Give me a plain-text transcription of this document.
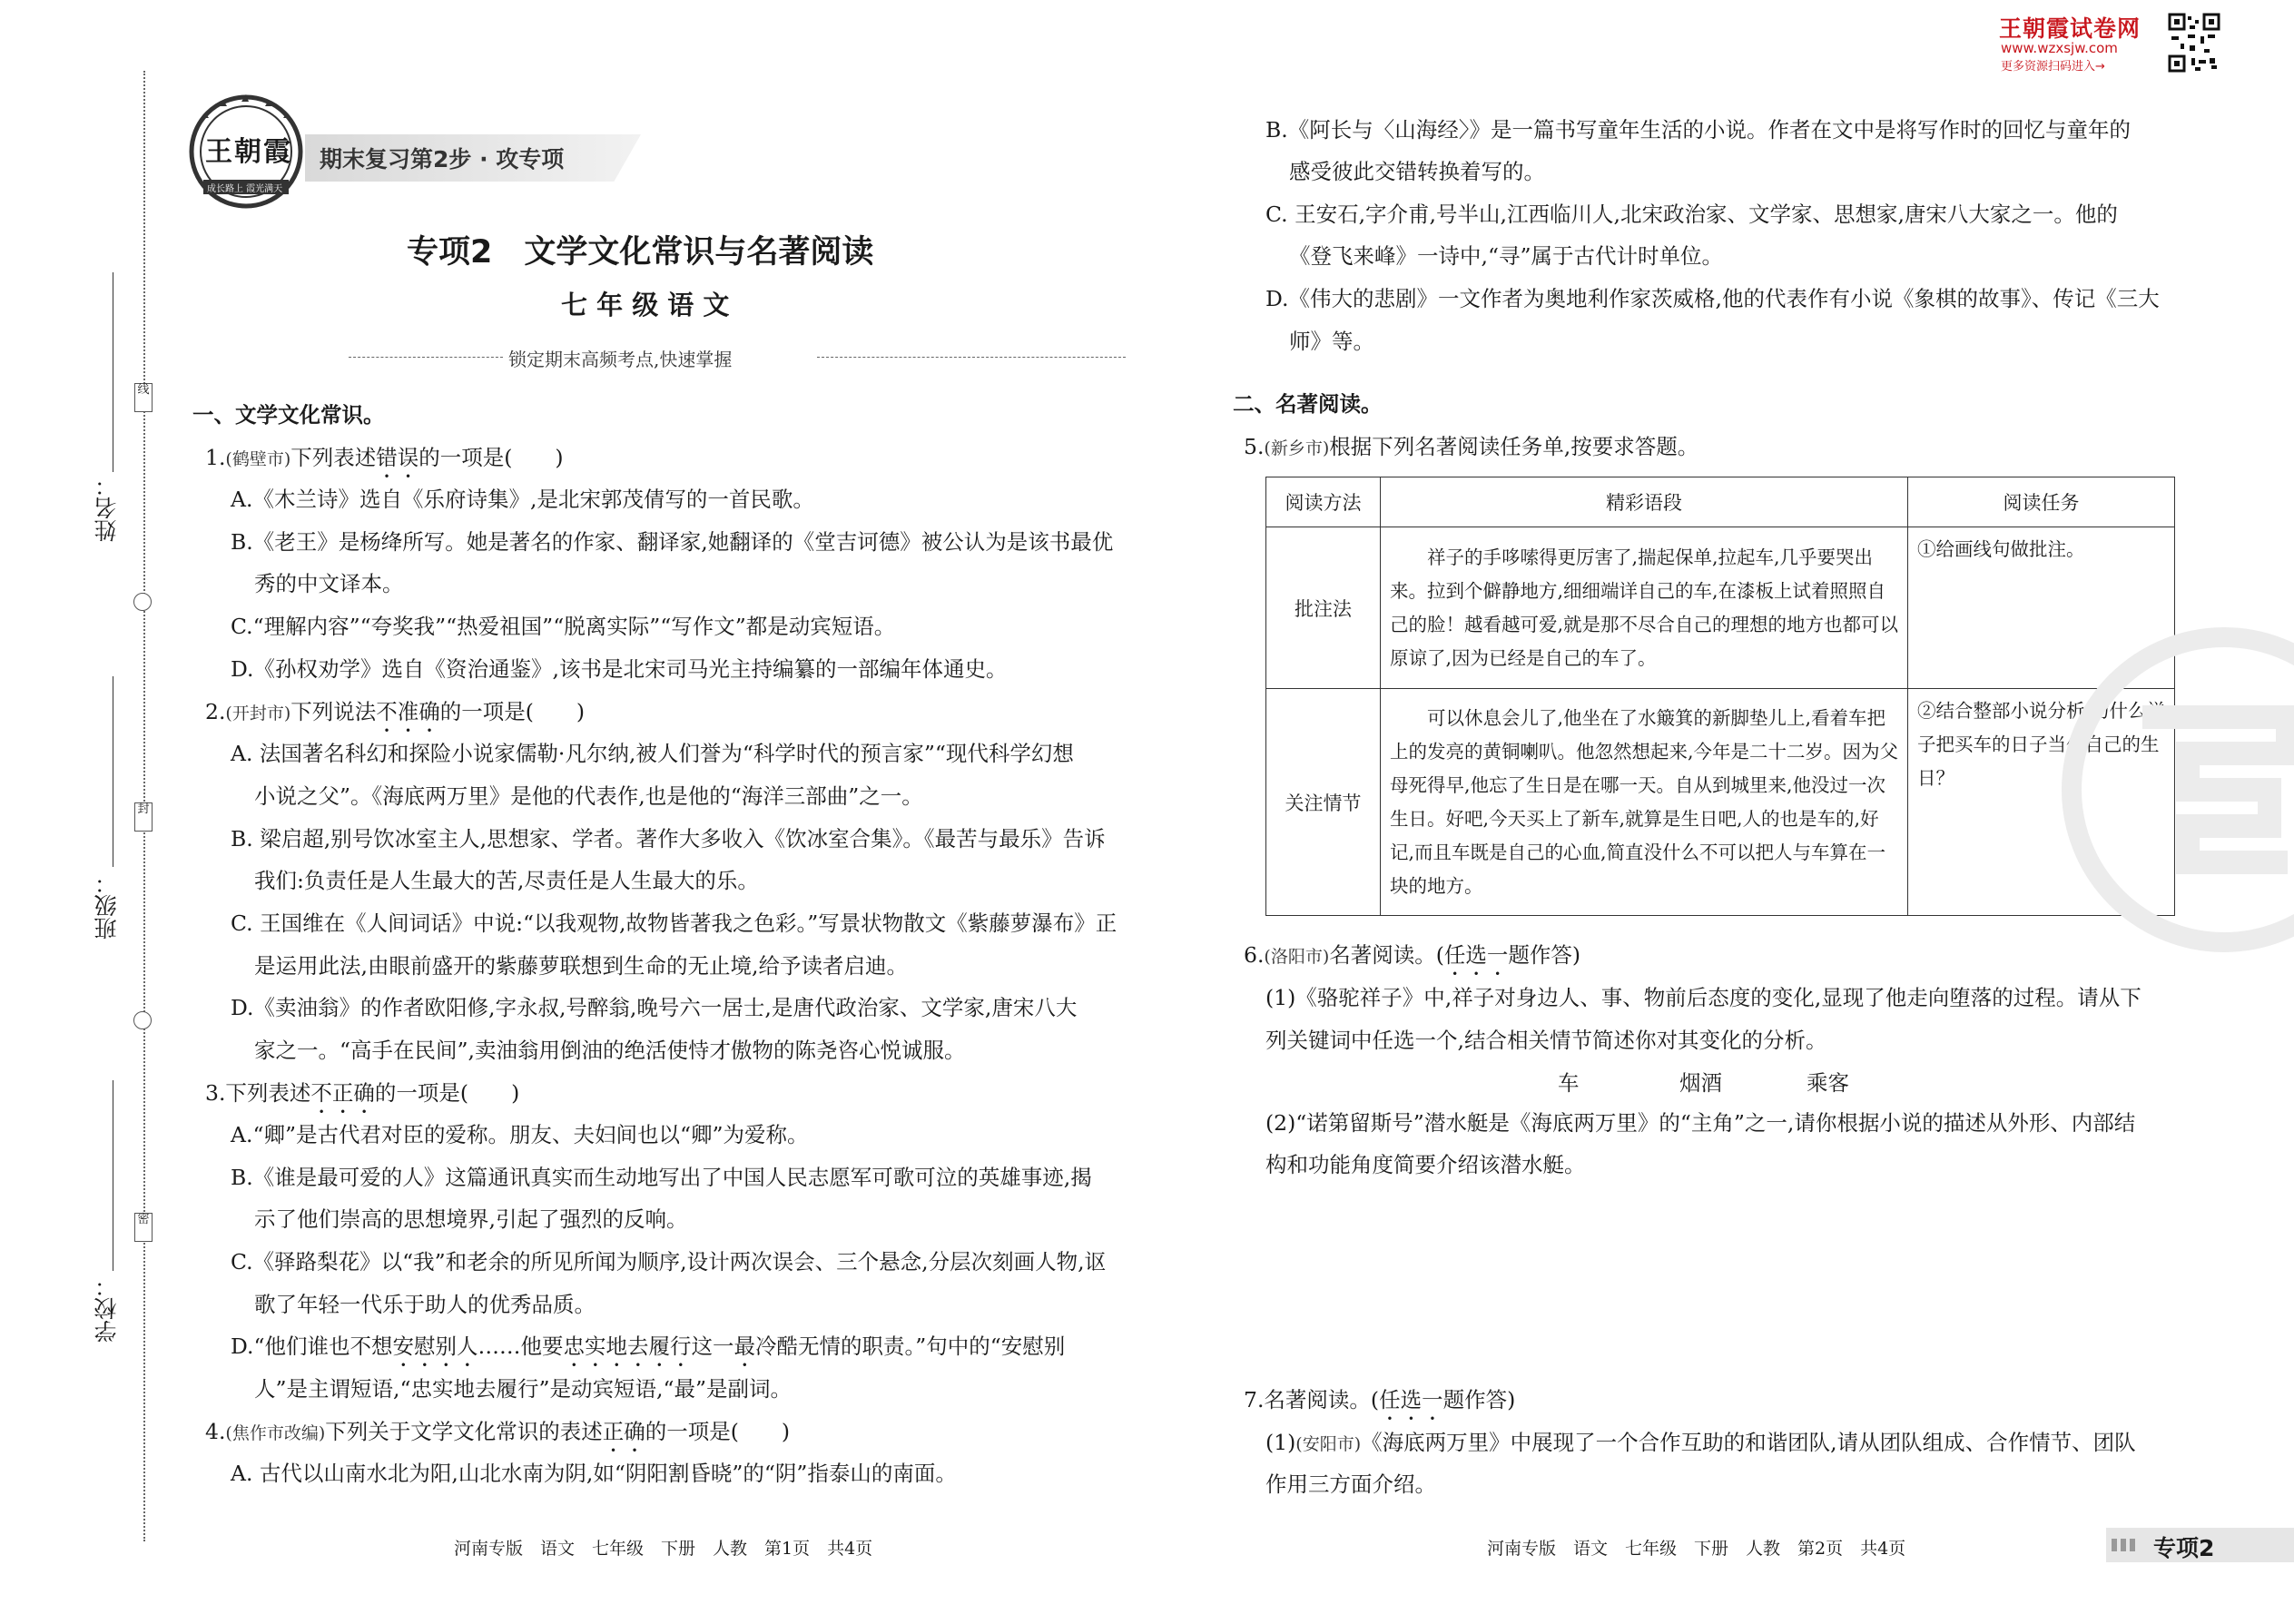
王朝霞试卷网
www.wzxsjw.com
更多资源扫码进入→
姓名：
班级：
学校：
线
封
密
王朝霞
成长路上 霞光满天
期末复习第2步 · 攻专项
专项2　文学文化常识与名著阅读
七 年 级 语 文
锁定期末高频考点,快速掌握
一、文学文化常识。
1.(鹤壁市)下列表述错误的一项是(　　)
A.《木兰诗》选自《乐府诗集》,是北宋郭茂倩写的一首民歌。
B.《老王》是杨绛所写。她是著名的作家、翻译家,她翻译的《堂吉诃德》被公认为是该书最优
秀的中文译本。
C.“理解内容”“夸奖我”“热爱祖国”“脱离实际”“写作文”都是动宾短语。
D.《孙权劝学》选自《资治通鉴》,该书是北宋司马光主持编纂的一部编年体通史。
2.(开封市)下列说法不准确的一项是(　　)
A. 法国著名科幻和探险小说家儒勒·凡尔纳,被人们誉为“科学时代的预言家”“现代科学幻想
小说之父”。《海底两万里》是他的代表作,也是他的“海洋三部曲”之一。
B. 梁启超,别号饮冰室主人,思想家、学者。著作大多收入《饮冰室合集》。《最苦与最乐》告诉
我们:负责任是人生最大的苦,尽责任是人生最大的乐。
C. 王国维在《人间词话》中说:“以我观物,故物皆著我之色彩。”写景状物散文《紫藤萝瀑布》正
是运用此法,由眼前盛开的紫藤萝联想到生命的无止境,给予读者启迪。
D.《卖油翁》的作者欧阳修,字永叔,号醉翁,晚号六一居士,是唐代政治家、文学家,唐宋八大
家之一。“高手在民间”,卖油翁用倒油的绝活使恃才傲物的陈尧咨心悦诚服。
3.下列表述不正确的一项是(　　)
A.“卿”是古代君对臣的爱称。朋友、夫妇间也以“卿”为爱称。
B.《谁是最可爱的人》这篇通讯真实而生动地写出了中国人民志愿军可歌可泣的英雄事迹,揭
示了他们崇高的思想境界,引起了强烈的反响。
C.《驿路梨花》以“我”和老余的所见所闻为顺序,设计两次误会、三个悬念,分层次刻画人物,讴
歌了年轻一代乐于助人的优秀品质。
D.“他们谁也不想安慰别人……他要忠实地去履行这一最冷酷无情的职责。”句中的“安慰别
人”是主谓短语,“忠实地去履行”是动宾短语,“最”是副词。
4.(焦作市改编)下列关于文学文化常识的表述正确的一项是(　　)
A. 古代以山南水北为阳,山北水南为阴,如“阴阳割昏晓”的“阴”指泰山的南面。
B.《阿长与〈山海经〉》是一篇书写童年生活的小说。作者在文中是将写作时的回忆与童年的
感受彼此交错转换着写的。
C. 王安石,字介甫,号半山,江西临川人,北宋政治家、文学家、思想家,唐宋八大家之一。他的
《登飞来峰》一诗中,“寻”属于古代计时单位。
D.《伟大的悲剧》一文作者为奥地利作家茨威格,他的代表作有小说《象棋的故事》、传记《三大
师》等。
二、名著阅读。
5.(新乡市)根据下列名著阅读任务单,按要求答题。
阅读方法	精彩语段	阅读任务
批注法	祥子的手哆嗦得更厉害了,揣起保单,拉起车,几乎要哭出来。拉到个僻静地方,细细端详自己的车,在漆板上试着照照自己的脸！越看越可爱,就是那不尽合自己的理想的地方也都可以原谅了,因为已经是自己的车了。	①给画线句做批注。

关注情节	可以休息会儿了,他坐在了水簸箕的新脚垫儿上,看着车把上的发亮的黄铜喇叭。他忽然想起来,今年是二十二岁。因为父母死得早,他忘了生日是在哪一天。自从到城里来,他没过一次生日。好吧,今天买上了新车,就算是生日吧,人的也是车的,好记,而且车既是自己的心血,简直没什么不可以把人与车算在一块的地方。	②结合整部小说分析,为什么祥子把买车的日子当作自己的生日？
6.(洛阳市)名著阅读。(任选一题作答)
(1)《骆驼祥子》中,祥子对身边人、事、物前后态度的变化,显现了他走向堕落的过程。请从下
列关键词中任选一个,结合相关情节简述你对其变化的分析。
车	烟酒	乘客
(2)“诺第留斯号”潜水艇是《海底两万里》的“主角”之一,请你根据小说的描述从外形、内部结
构和功能角度简要介绍该潜水艇。
7.名著阅读。(任选一题作答)
(1)(安阳市)《海底两万里》中展现了一个合作互助的和谐团队,请从团队组成、合作情节、团队
作用三方面介绍。
河南专版　语文　七年级　下册　人教　第1页　共4页	河南专版　语文　七年级　下册　人教　第2页　共4页	专项2
